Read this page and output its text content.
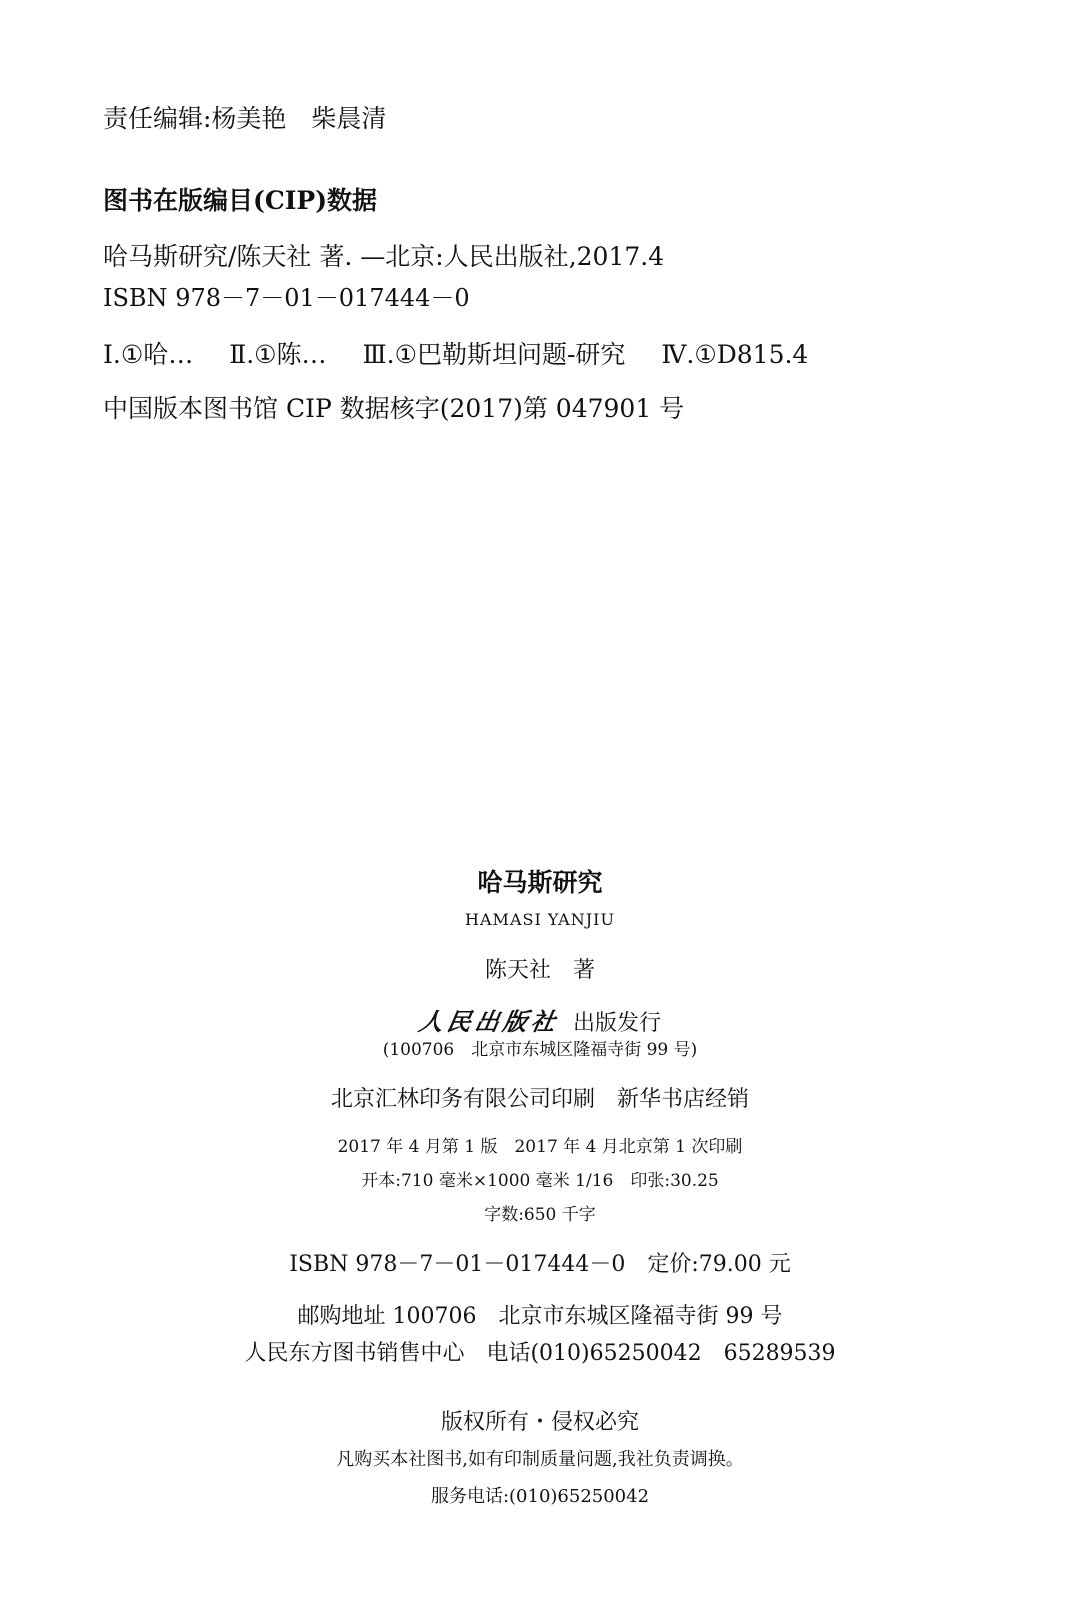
责任编辑:杨美艳　柴晨清
图书在版编目(CIP)数据
哈马斯研究/陈天社 著. —北京:人民出版社,2017.4
ISBN 978－7－01－017444－0
Ⅰ.①哈… Ⅱ.①陈… Ⅲ.①巴勒斯坦问题-研究 Ⅳ.①D815.4
中国版本图书馆 CIP 数据核字(2017)第 047901 号
哈马斯研究
HAMASI YANJIU
陈天社　著
人民出版社 出版发行
(100706　北京市东城区隆福寺街 99 号)
北京汇林印务有限公司印刷　新华书店经销
2017 年 4 月第 1 版　2017 年 4 月北京第 1 次印刷
开本:710 毫米×1000 毫米 1/16　印张:30.25
字数:650 千字
ISBN 978－7－01－017444－0　定价:79.00 元
邮购地址 100706　北京市东城区隆福寺街 99 号
人民东方图书销售中心　电话(010)65250042　65289539
版权所有・侵权必究
凡购买本社图书,如有印制质量问题,我社负责调换。
服务电话:(010)65250042
